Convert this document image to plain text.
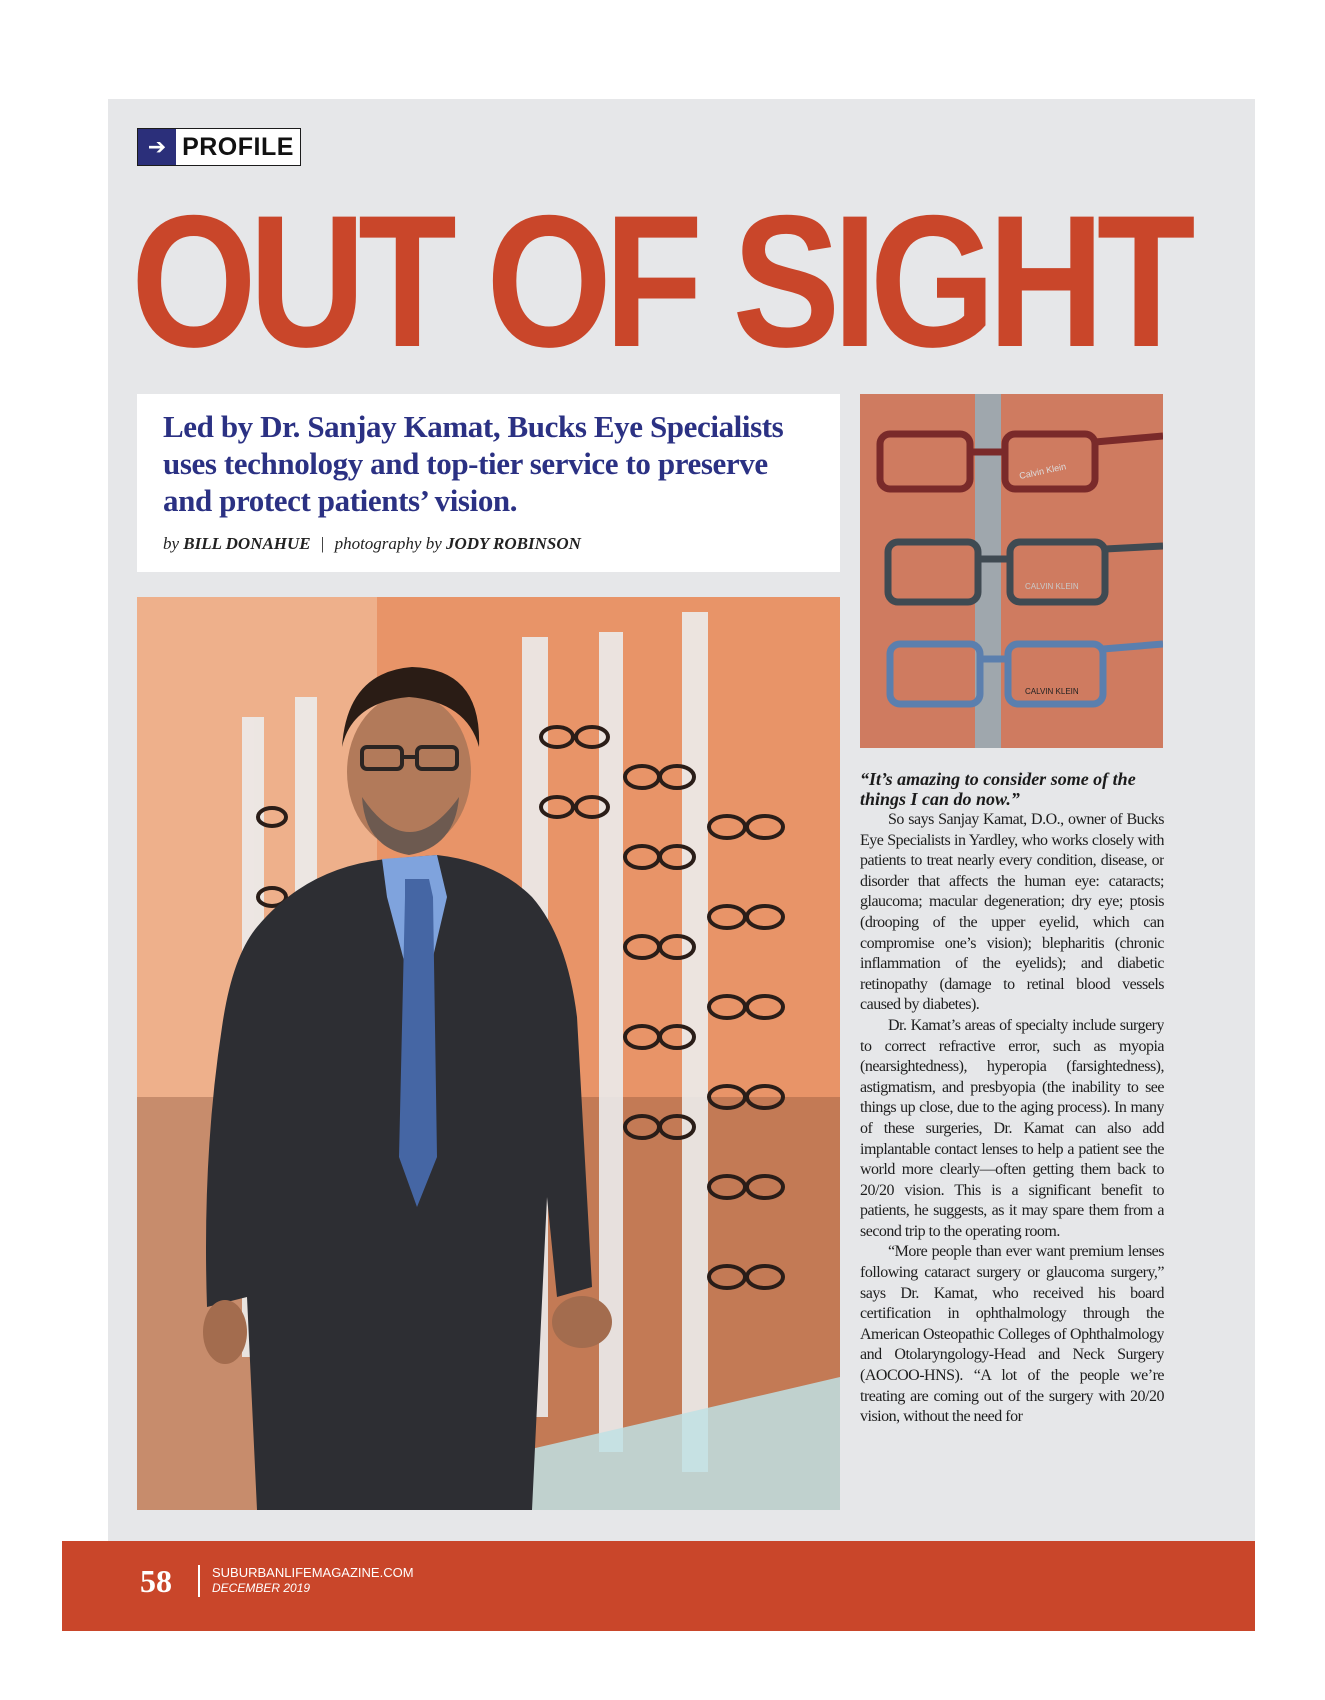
➔ PROFILE
OUT OF SIGHT
Led by Dr. Sanjay Kamat, Bucks Eye Specialists uses technology and top-tier service to preserve and protect patients’ vision.
by BILL DONAHUE | photography by JODY ROBINSON
Calvin Klein
CALVIN KLEIN
CALVIN KLEIN
“It’s amazing to consider some of the things I can do now.”

So says Sanjay Kamat, D.O., owner of Bucks Eye Specialists in Yardley, who works closely with patients to treat nearly every condition, disease, or disorder that affects the human eye: cataracts; glaucoma; macular degeneration; dry eye; ptosis (drooping of the upper eyelid, which can compromise one’s vision); blepharitis (chronic inflammation of the eyelids); and diabetic retinopathy (damage to retinal blood vessels caused by diabetes).

Dr. Kamat’s areas of specialty include surgery to correct refractive error, such as myopia (nearsightedness), hyperopia (farsightedness), astigmatism, and presbyopia (the inability to see things up close, due to the aging process). In many of these surgeries, Dr. Kamat can also add implantable contact lenses to help a patient see the world more clearly—often getting them back to 20/20 vision. This is a significant benefit to patients, he suggests, as it may spare them from a second trip to the operating room.

“More people than ever want premium lenses following cataract surgery or glaucoma surgery,” says Dr. Kamat, who received his board certification in ophthalmology through the American Osteopathic Colleges of Ophthalmology and Otolaryngology-Head and Neck Surgery (AOCOO-HNS). “A lot of the people we’re treating are coming out of the surgery with 20/20 vision, without the need for

58	SUBURBANLIFEMAGAZINE.COM
DECEMBER 2019
